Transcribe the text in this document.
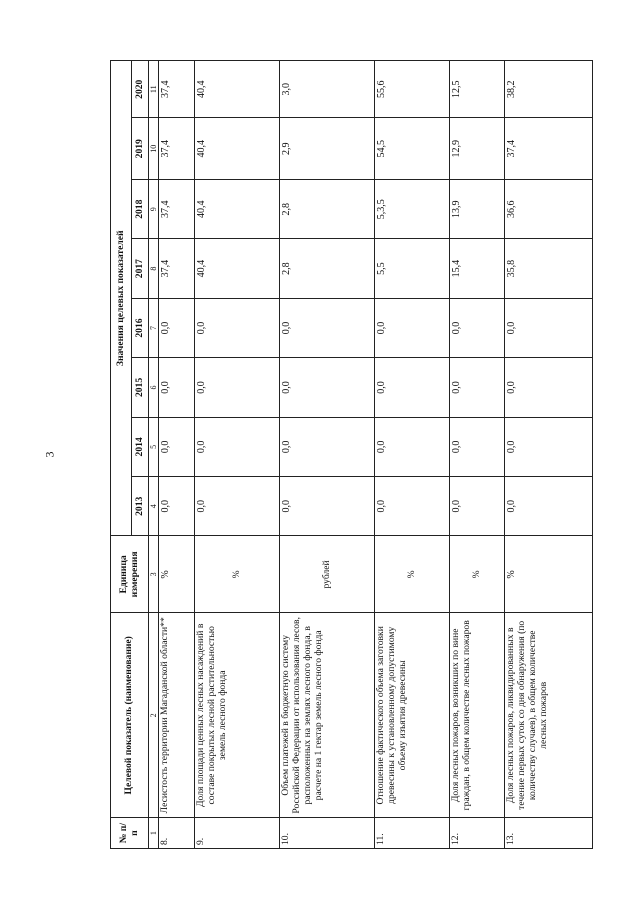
3
№ п/п	Целевой показатель (наименование)	Единица измерения	Значения целевых показателей							
			2013	2014	2015	2016	2017	2018	2019	2020
1	2	3	4	5	6	7	8	9	10	11
8.	Лесистость территории Магаданской области**	%	0,0	0,0	0,0	0,0	37,4	37,4	37,4	37,4
9.	Доля площади ценных лесных насаждений в составе покрытых лесной растительностью земель лесного фонда	%	0,0	0,0	0,0	0,0	40,4	40,4	40,4	40,4
10.	Объем платежей в бюджетную систему Российской Федерации от использования лесов, расположенных на землях лесного фонда, в расчете на 1 гектар земель лесного фонда	рублей	0,0	0,0	0,0	0,0	2,8	2,8	2,9	3,0
11.	Отношение фактического объема заготовки древесины к установленному допустимому объему изъятия древесины	%	0,0	0,0	0,0	0,0	5,5	5,3,5	54,5	55,6
12.	Доля лесных пожаров, возникших по вине граждан, в общем количестве лесных пожаров	%	0,0	0,0	0,0	0,0	15,4	13,9	12,9	12,5
13.	Доля лесных пожаров, ликвидированных в течение первых суток со дня обнаружения (по количеству случаев), в общем количестве лесных пожаров	%	0,0	0,0	0,0	0,0	35,8	36,6	37,4	38,2
